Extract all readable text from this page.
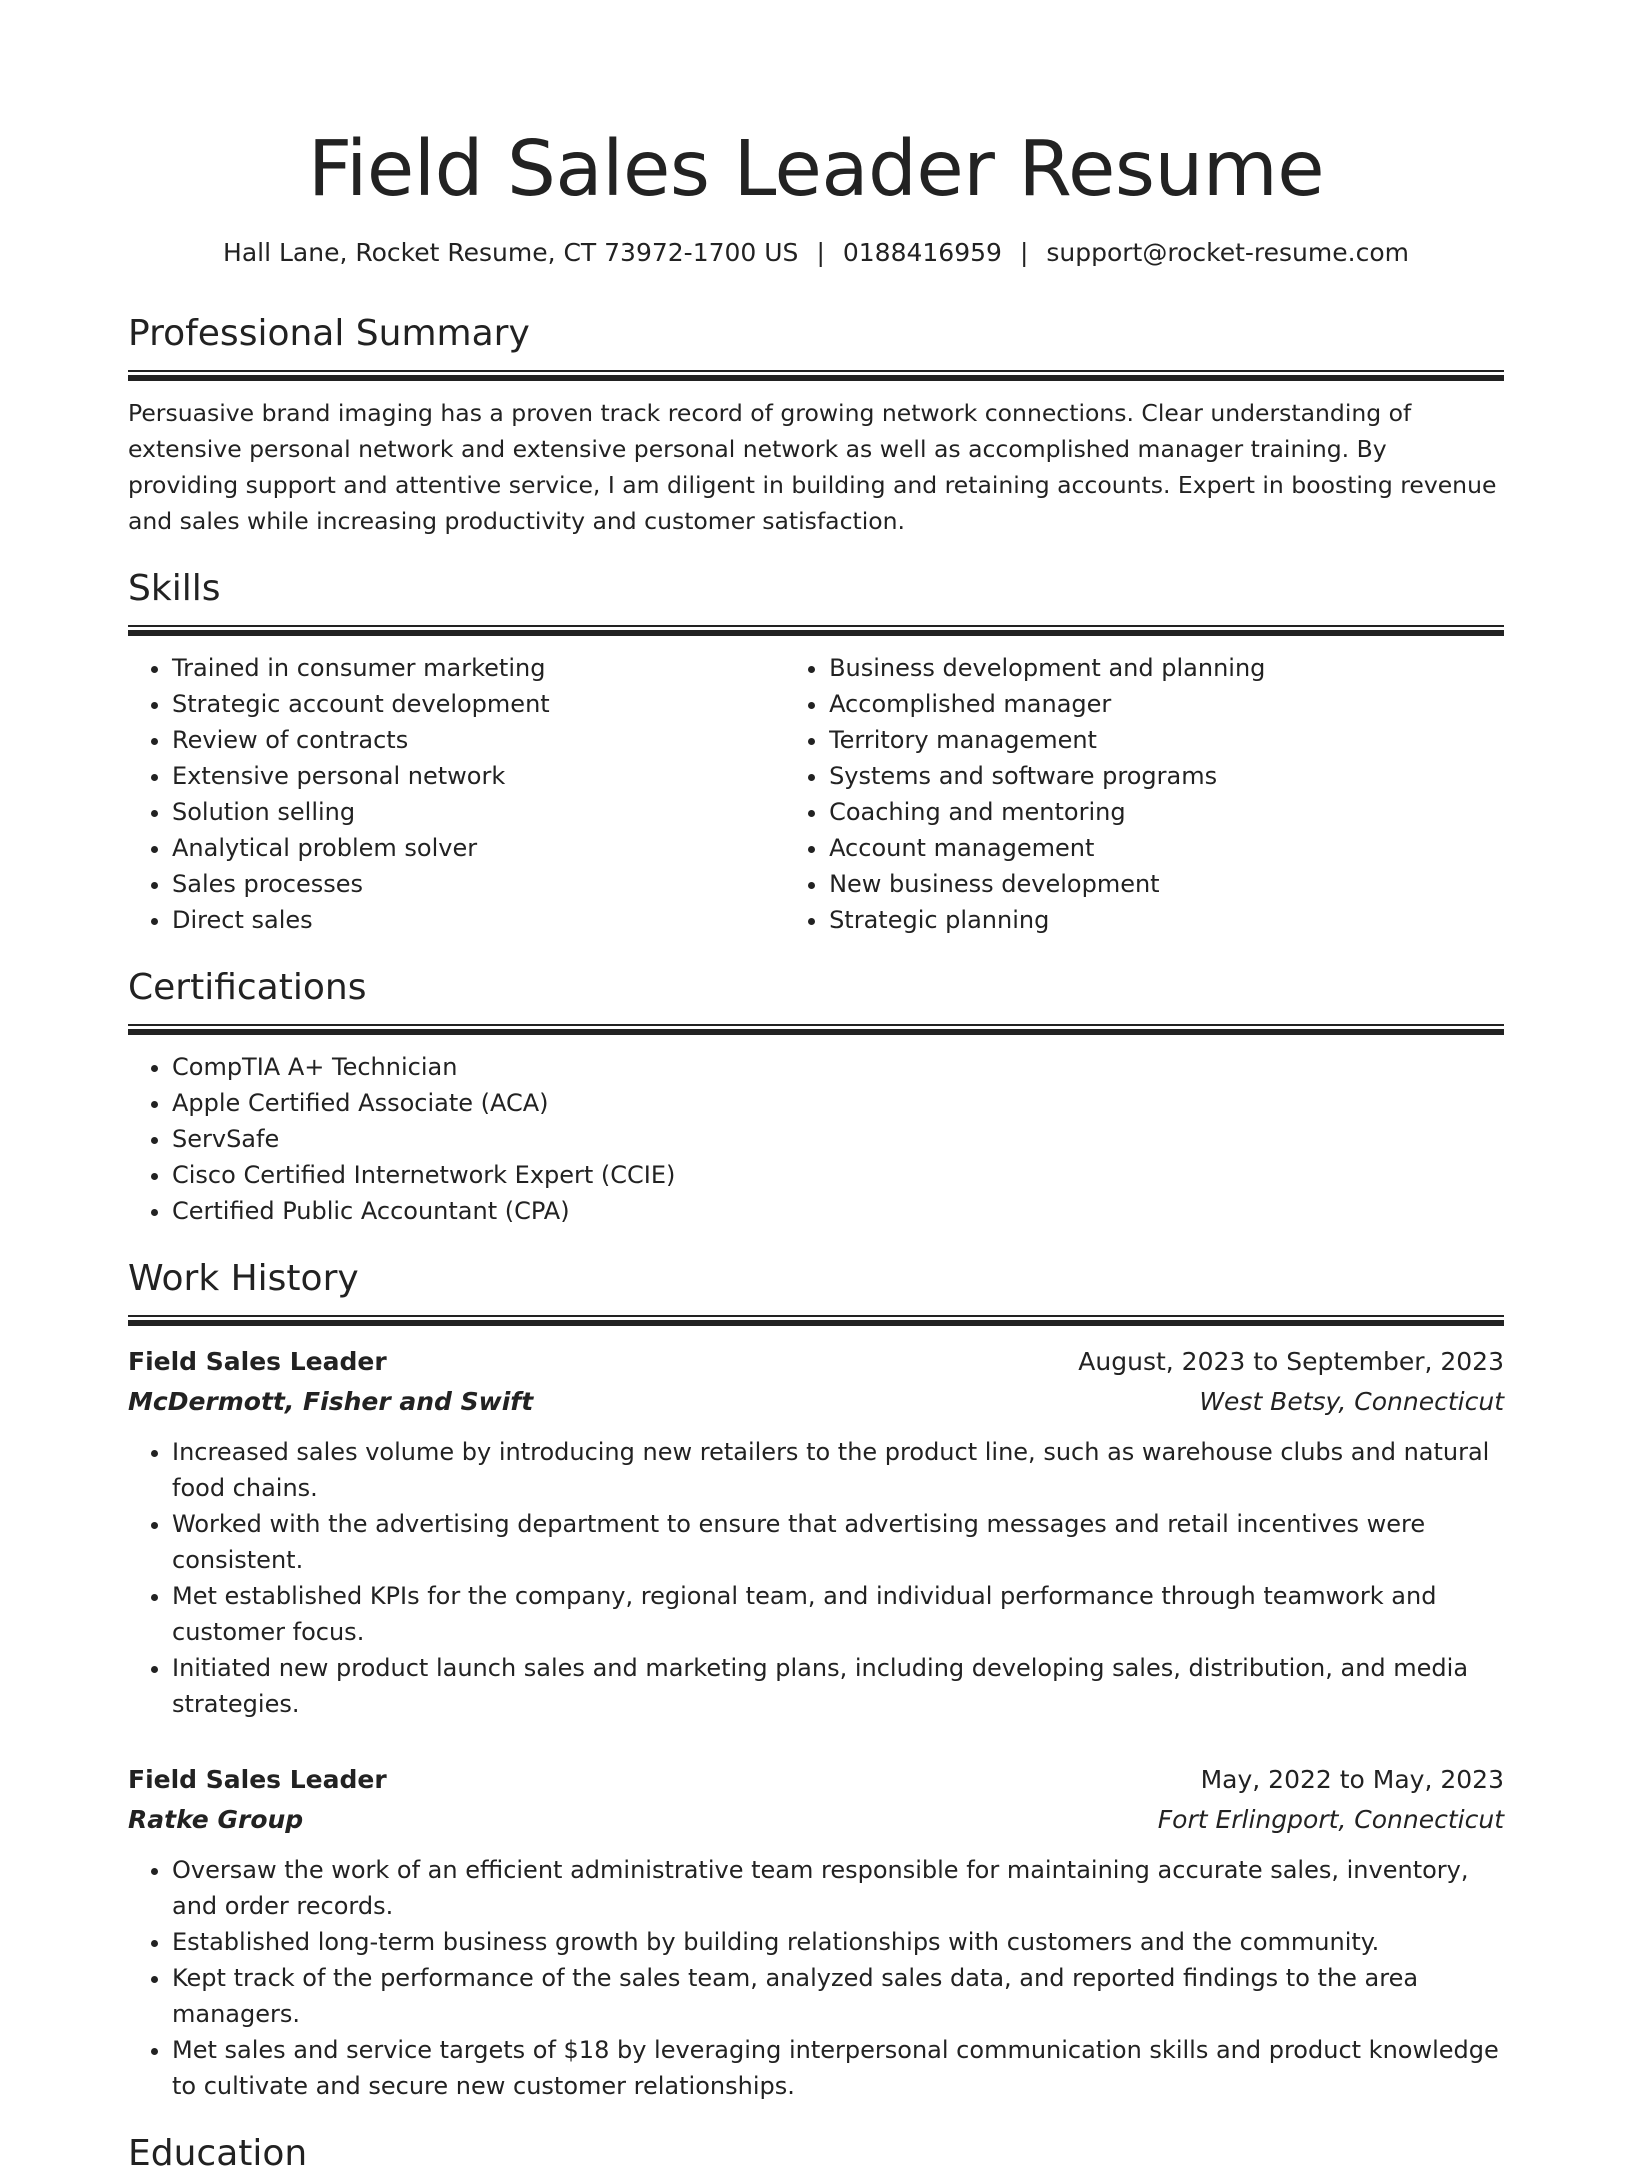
Field Sales Leader Resume
Hall Lane, Rocket Resume, CT 73972-1700 US | 0188416959 | support@rocket-resume.com
Professional Summary

Persuasive brand imaging has a proven track record of growing network connections. Clear understanding of extensive personal network and extensive personal network as well as accomplished manager training. By providing support and attentive service, I am diligent in building and retaining accounts. Expert in boosting revenue and sales while increasing productivity and customer satisfaction.

Skills
• Trained in consumer marketing
• Strategic account development
• Review of contracts
• Extensive personal network
• Solution selling
• Analytical problem solver
• Sales processes
• Direct sales
• Business development and planning
• Accomplished manager
• Territory management
• Systems and software programs
• Coaching and mentoring
• Account management
• New business development
• Strategic planning
Certifications
• CompTIA A+ Technician
• Apple Certified Associate (ACA)
• ServSafe
• Cisco Certified Internetwork Expert (CCIE)
• Certified Public Accountant (CPA)
Work History
Field Sales Leader	August, 2023 to September, 2023
McDermott, Fisher and Swift	West Betsy, Connecticut
• Increased sales volume by introducing new retailers to the product line, such as warehouse clubs and natural food chains.
• Worked with the advertising department to ensure that advertising messages and retail incentives were consistent.
• Met established KPIs for the company, regional team, and individual performance through teamwork and customer focus.
• Initiated new product launch sales and marketing plans, including developing sales, distribution, and media strategies.
Field Sales Leader	May, 2022 to May, 2023
Ratke Group	Fort Erlingport, Connecticut
• Oversaw the work of an efficient administrative team responsible for maintaining accurate sales, inventory, and order records.
• Established long-term business growth by building relationships with customers and the community.
• Kept track of the performance of the sales team, analyzed sales data, and reported findings to the area managers.
• Met sales and service targets of $18 by leveraging interpersonal communication skills and product knowledge to cultivate and secure new customer relationships.
Education
